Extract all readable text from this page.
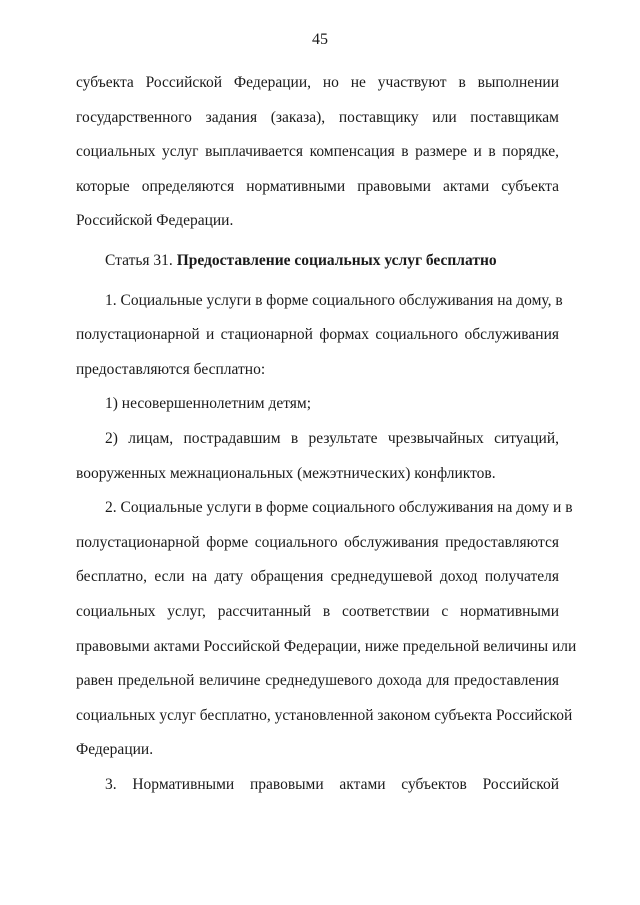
45
субъекта Российской Федерации, но не участвуют в выполнении
государственного задания (заказа), поставщику или поставщикам
социальных услуг выплачивается компенсация в размере и в порядке,
которые определяются нормативными правовыми актами субъекта
Российской Федерации.
Статья 31. Предоставление социальных услуг бесплатно
1. Социальные услуги в форме социального обслуживания на дому, в
полустационарной и стационарной формах социального обслуживания
предоставляются бесплатно:
1) несовершеннолетним детям;
2) лицам, пострадавшим в результате чрезвычайных ситуаций,
вооруженных межнациональных (межэтнических) конфликтов.
2. Социальные услуги в форме социального обслуживания на дому и в
полустационарной форме социального обслуживания предоставляются
бесплатно, если на дату обращения среднедушевой доход получателя
социальных услуг, рассчитанный в соответствии с нормативными
правовыми актами Российской Федерации, ниже предельной величины или
равен предельной величине среднедушевого дохода для предоставления
социальных услуг бесплатно, установленной законом субъекта Российской
Федерации.
3. Нормативными правовыми актами субъектов Российской
